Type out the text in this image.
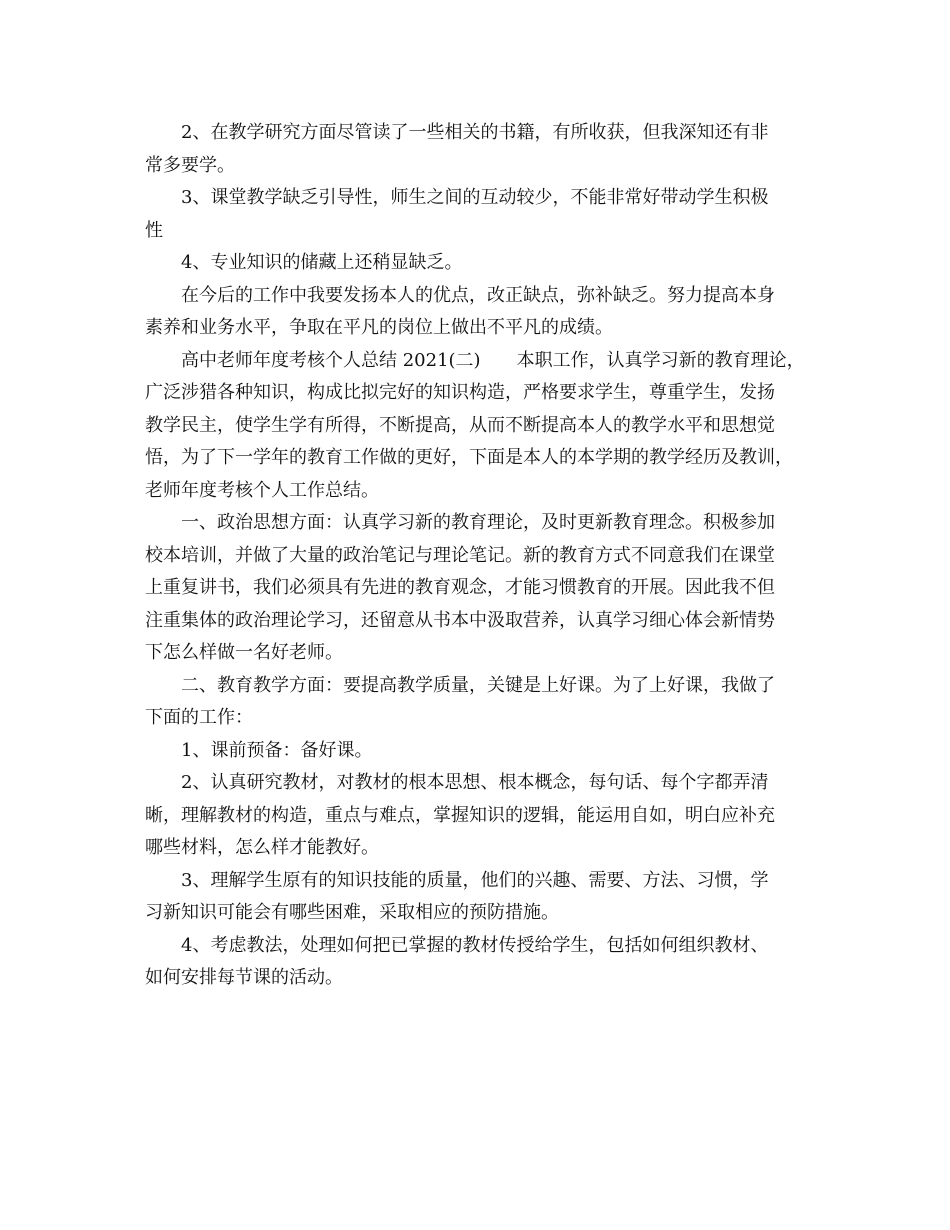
2、在教学研究方面尽管读了一些相关的书籍，有所收获，但我深知还有非
常多要学。

3、课堂教学缺乏引导性，师生之间的互动较少，不能非常好带动学生积极
性

4、专业知识的储藏上还稍显缺乏。

在今后的工作中我要发扬本人的优点，改正缺点，弥补缺乏。努力提高本身
素养和业务水平，争取在平凡的岗位上做出不平凡的成绩。

高中老师年度考核个人总结 2021(二)　　本职工作，认真学习新的教育理论，
广泛涉猎各种知识，构成比拟完好的知识构造，严格要求学生，尊重学生，发扬
教学民主，使学生学有所得，不断提高，从而不断提高本人的教学水平和思想觉
悟，为了下一学年的教育工作做的更好，下面是本人的本学期的教学经历及教训，
老师年度考核个人工作总结。

一、政治思想方面：认真学习新的教育理论，及时更新教育理念。积极参加
校本培训，并做了大量的政治笔记与理论笔记。新的教育方式不同意我们在课堂
上重复讲书，我们必须具有先进的教育观念，才能习惯教育的开展。因此我不但
注重集体的政治理论学习，还留意从书本中汲取营养，认真学习细心体会新情势
下怎么样做一名好老师。

二、教育教学方面：要提高教学质量，关键是上好课。为了上好课，我做了
下面的工作：

1、课前预备：备好课。

2、认真研究教材，对教材的根本思想、根本概念，每句话、每个字都弄清
晰，理解教材的构造，重点与难点，掌握知识的逻辑，能运用自如，明白应补充
哪些材料，怎么样才能教好。

3、理解学生原有的知识技能的质量，他们的兴趣、需要、方法、习惯，学
习新知识可能会有哪些困难，采取相应的预防措施。

4、考虑教法，处理如何把已掌握的教材传授给学生，包括如何组织教材、
如何安排每节课的活动。
